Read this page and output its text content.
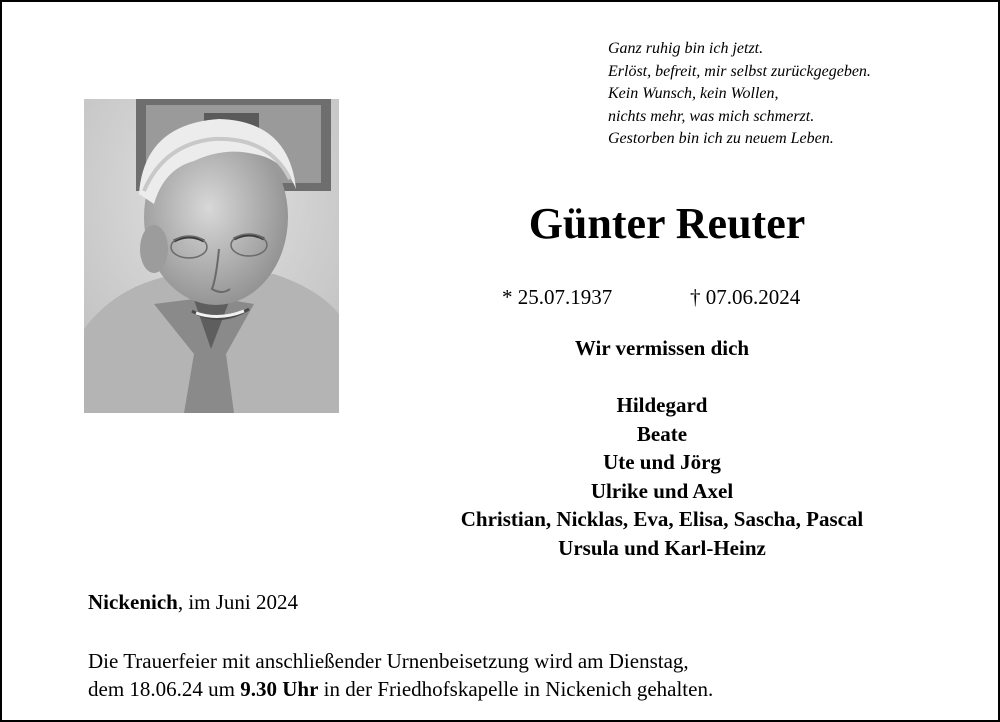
Ganz ruhig bin ich jetzt.
Erlöst, befreit, mir selbst zurückgegeben.
Kein Wunsch, kein Wollen,
nichts mehr, was mich schmerzt.
Gestorben bin ich zu neuem Leben.
Günter Reuter
* 25.07.1937	† 07.06.2024
Wir vermissen dich
Hildegard
Beate
Ute und Jörg
Ulrike und Axel
Christian, Nicklas, Eva, Elisa, Sascha, Pascal
Ursula und Karl-Heinz
Nickenich, im Juni 2024
Die Trauerfeier mit anschließender Urnenbeisetzung wird am Dienstag,
dem 18.06.24 um 9.30 Uhr in der Friedhofskapelle in Nickenich gehalten.
